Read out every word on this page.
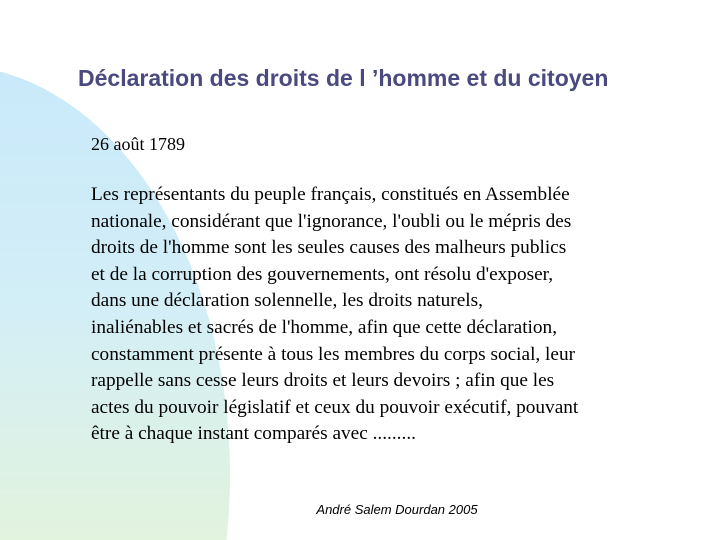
Déclaration des droits de l ’homme et du citoyen

26 août 1789

Les représentants du peuple français, constitués en Assemblée
nationale, considérant que l'ignorance, l'oubli ou le mépris des
droits de l'homme sont les seules causes des malheurs publics
et de la corruption des gouvernements, ont résolu d'exposer,
dans une déclaration solennelle, les droits naturels,
inaliénables et sacrés de l'homme, afin que cette déclaration,
constamment présente à tous les membres du corps social, leur
rappelle sans cesse leurs droits et leurs devoirs ; afin que les
actes du pouvoir législatif et ceux du pouvoir exécutif, pouvant
être à chaque instant comparés avec .........

André Salem Dourdan 2005
